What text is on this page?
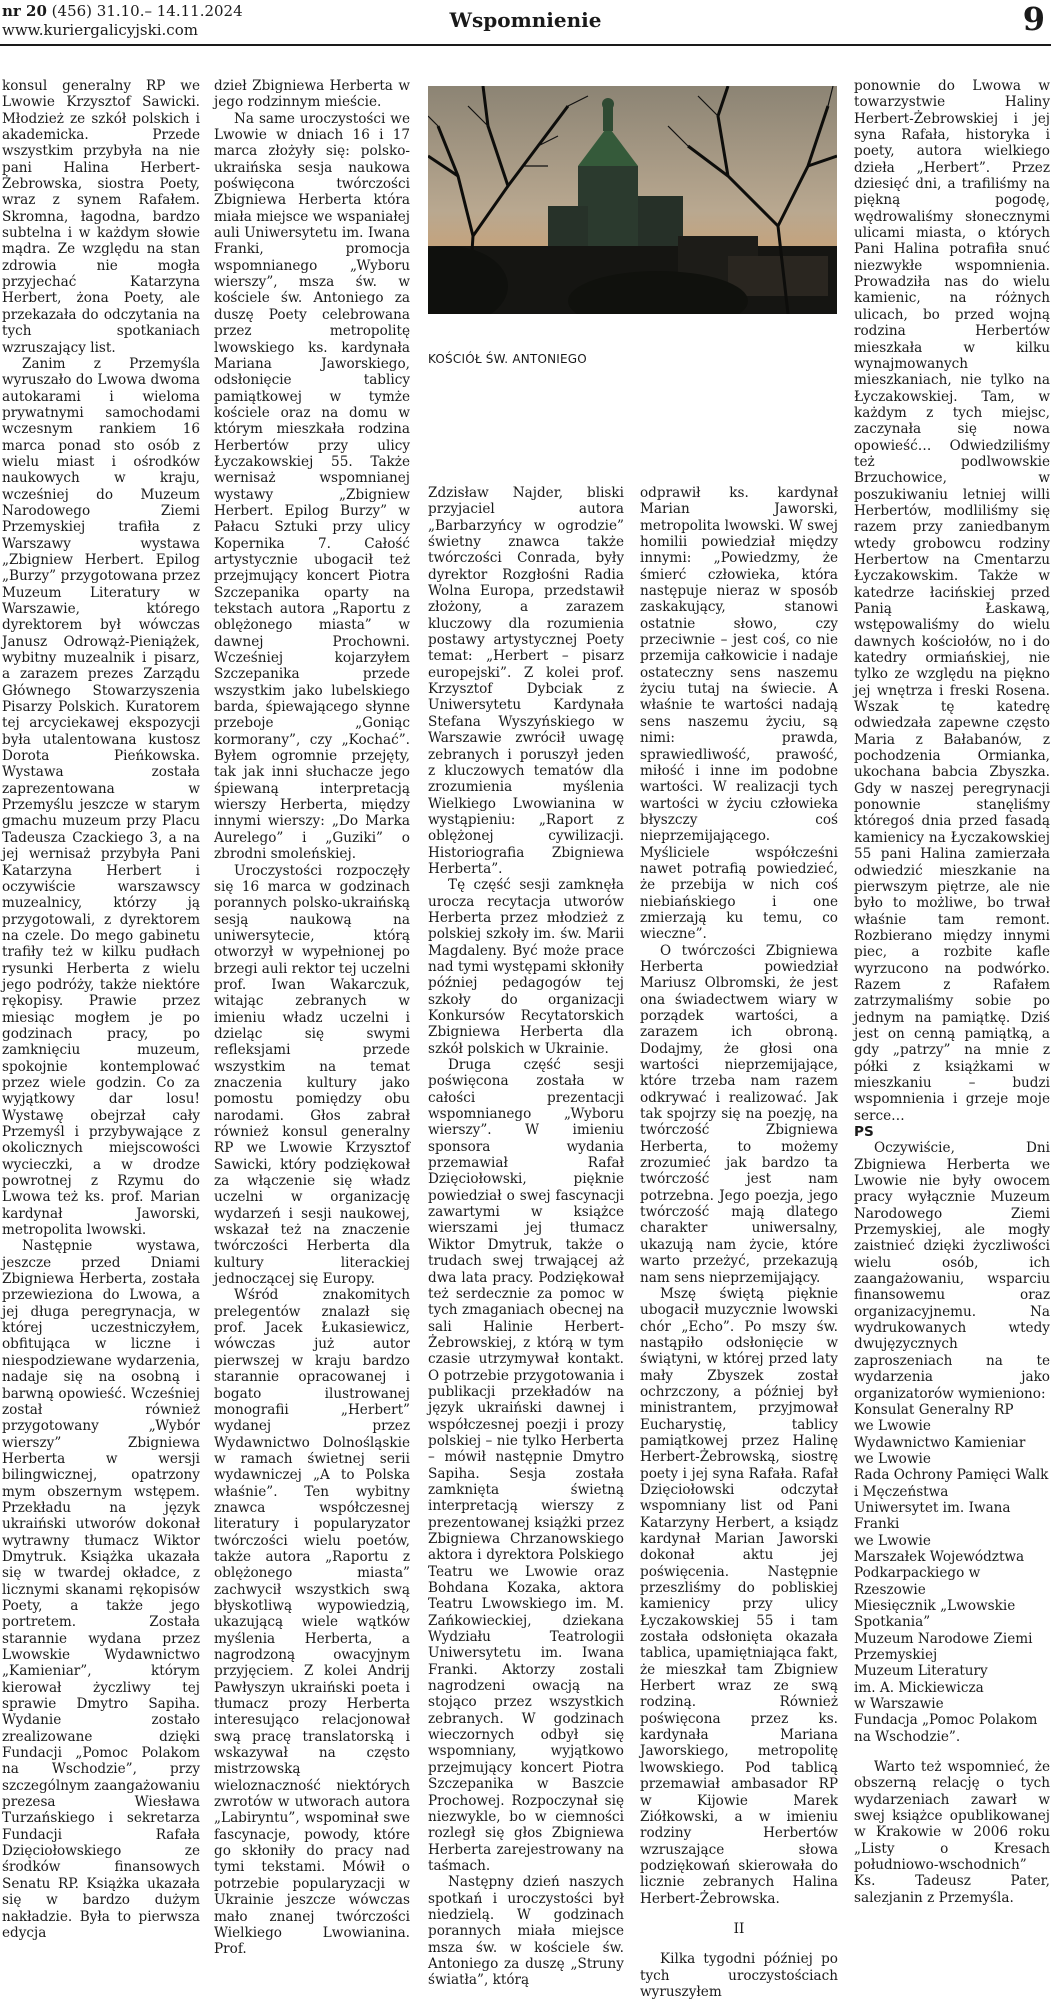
nr 20 (456) 31.10.– 14.11.2024
www.kuriergalicyjski.com	Wspomnienie	9

konsul generalny RP we Lwowie Krzysztof Sawicki. Młodzież ze szkół polskich i akademicka. Przede wszystkim przybyła na nie pani Halina Herbert-Żebrowska, siostra Poety, wraz z synem Rafałem. Skromna, łagodna, bardzo subtelna i w każdym słowie mądra. Ze względu na stan zdrowia nie mogła przyjechać Katarzyna Herbert, żona Poety, ale przekazała do odczytania na tych spotkaniach wzruszający list.

Zanim z Przemyśla wyruszało do Lwowa dwoma autokarami i wieloma prywatnymi samochodami wczesnym rankiem 16 marca ponad sto osób z wielu miast i ośrodków naukowych w kraju, wcześniej do Muzeum Narodowego Ziemi Przemyskiej trafiła z Warszawy wystawa „Zbigniew Herbert. Epilog „Burzy” przygotowana przez Muzeum Literatury w Warszawie, którego dyrektorem był wówczas Janusz Odrowąż-Pieniążek, wybitny muzealnik i pisarz, a zarazem prezes Zarządu Głównego Stowarzyszenia Pisarzy Polskich. Kuratorem tej arcyciekawej ekspozycji była utalentowana kustosz Dorota Pieńkowska. Wystawa została zaprezentowana w Przemyślu jeszcze w starym gmachu muzeum przy Placu Tadeusza Czackiego 3, a na jej wernisaż przybyła Pani Katarzyna Herbert i oczywiście warszawscy muzealnicy, którzy ją przygotowali, z dyrektorem na czele. Do mego gabinetu trafiły też w kilku pudłach rysunki Herberta z wielu jego podróży, także niektóre rękopisy. Prawie przez miesiąc mogłem je po godzinach pracy, po zamknięciu muzeum, spokojnie kontemplować przez wiele godzin. Co za wyjątkowy dar losu! Wystawę obejrzał cały Przemyśl i przybywające z okolicznych miejscowości wycieczki, a w drodze powrotnej z Rzymu do Lwowa też ks. prof. Marian kardynał Jaworski, metropolita lwowski.

Następnie wystawa, jeszcze przed Dniami Zbigniewa Herberta, została przewieziona do Lwowa, a jej długa peregrynacja, w której uczestniczyłem, obfitująca w liczne i niespodziewane wydarzenia, nadaje się na osobną i barwną opowieść. Wcześniej został również przygotowany „Wybór wierszy” Zbigniewa Herberta w wersji bilingwicznej, opatrzony mym obszernym wstępem. Przekładu na język ukraiński utworów dokonał wytrawny tłumacz Wiktor Dmytruk. Książka ukazała się w twardej okładce, z licznymi skanami rękopisów Poety, a także jego portretem. Została starannie wydana przez Lwowskie Wydawnictwo „Kamieniar”, którym kierował życzliwy tej sprawie Dmytro Sapiha. Wydanie zostało zrealizowane dzięki Fundacji „Pomoc Polakom na Wschodzie”, przy szczególnym zaangażowaniu prezesa Wiesława Turzańskiego i sekretarza Fundacji Rafała Dzięciołowskiego ze środków finansowych Senatu RP. Książka ukazała się w bardzo dużym nakładzie. Była to pierwsza edycja

dzieł Zbigniewa Herberta w jego rodzinnym mieście.

Na same uroczystości we Lwowie w dniach 16 i 17 marca złożyły się: polsko-ukraińska sesja naukowa poświęcona twórczości Zbigniewa Herberta która miała miejsce we wspaniałej auli Uniwersytetu im. Iwana Franki, promocja wspomnianego „Wyboru wierszy”, msza św. w kościele św. Antoniego za duszę Poety celebrowana przez metropolitę lwowskiego ks. kardynała Mariana Jaworskiego, odsłonięcie tablicy pamiątkowej w tymże kościele oraz na domu w którym mieszkała rodzina Herbertów przy ulicy Łyczakowskiej 55. Także wernisaż wspomnianej wystawy „Zbigniew Herbert. Epilog Burzy” w Pałacu Sztuki przy ulicy Kopernika 7. Całość artystycznie ubogacił też przejmujący koncert Piotra Szczepanika oparty na tekstach autora „Raportu z oblężonego miasta” w dawnej Prochowni. Wcześniej kojarzyłem Szczepanika przede wszystkim jako lubelskiego barda, śpiewającego słynne przeboje „Goniąc kormorany”, czy „Kochać”. Byłem ogromnie przejęty, tak jak inni słuchacze jego śpiewaną interpretacją wierszy Herberta, między innymi wierszy: „Do Marka Aurelego” i „Guziki” o zbrodni smoleńskiej.

Uroczystości rozpoczęły się 16 marca w godzinach porannych polsko-ukraińską sesją naukową na uniwersytecie, którą otworzył w wypełnionej po brzegi auli rektor tej uczelni prof. Iwan Wakarczuk, witając zebranych w imieniu władz uczelni i dzieląc się swymi refleksjami przede wszystkim na temat znaczenia kultury jako pomostu pomiędzy obu narodami. Głos zabrał również konsul generalny RP we Lwowie Krzysztof Sawicki, który podziękował za włączenie się władz uczelni w organizację wydarzeń i sesji naukowej, wskazał też na znaczenie twórczości Herberta dla kultury literackiej jednoczącej się Europy.

Wśród znakomitych prelegentów znalazł się prof. Jacek Łukasiewicz, wówczas już autor pierwszej w kraju bardzo starannie opracowanej i bogato ilustrowanej monografii „Herbert” wydanej przez Wydawnictwo Dolnośląskie w ramach świetnej serii wydawniczej „A to Polska właśnie”. Ten wybitny znawca współczesnej literatury i popularyzator twórczości wielu poetów, także autora „Raportu z oblężonego miasta” zachwycił wszystkich swą błyskotliwą wypowiedzią, ukazującą wiele wątków myślenia Herberta, a nagrodzoną owacyjnym przyjęciem. Z kolei Andrij Pawłyszyn ukraiński poeta i tłumacz prozy Herberta interesująco relacjonował swą pracę translatorską i wskazywał na często mistrzowską wieloznaczność niektórych zwrotów w utworach autora „Labiryntu”, wspominał swe fascynacje, powody, które go skłoniły do pracy nad tymi tekstami. Mówił o potrzebie popularyzacji w Ukrainie jeszcze wówczas mało znanej twórczości Wielkiego Lwowianina. Prof.

KOŚCIÓŁ ŚW. ANTONIEGO

Zdzisław Najder, bliski przyjaciel autora „Barbarzyńcy w ogrodzie” świetny znawca także twórczości Conrada, były dyrektor Rozgłośni Radia Wolna Europa, przedstawił złożony, a zarazem kluczowy dla rozumienia postawy artystycznej Poety temat: „Herbert – pisarz europejski”. Z kolei prof. Krzysztof Dybciak z Uniwersytetu Kardynała Stefana Wyszyńskiego w Warszawie zwrócił uwagę zebranych i poruszył jeden z kluczowych tematów dla zrozumienia myślenia Wielkiego Lwowianina w wystąpieniu: „Raport z oblężonej cywilizacji. Historiografia Zbigniewa Herberta”.

Tę część sesji zamknęła urocza recytacja utworów Herberta przez młodzież z polskiej szkoły im. św. Marii Magdaleny. Być może prace nad tymi występami skłoniły później pedagogów tej szkoły do organizacji Konkursów Recytatorskich Zbigniewa Herberta dla szkół polskich w Ukrainie.

Druga część sesji poświęcona została w całości prezentacji wspomnianego „Wyboru wierszy”. W imieniu sponsora wydania przemawiał Rafał Dzięciołowski, pięknie powiedział o swej fascynacji zawartymi w książce wierszami jej tłumacz Wiktor Dmytruk, także o trudach swej trwającej aż dwa lata pracy. Podziękował też serdecznie za pomoc w tych zmaganiach obecnej na sali Halinie Herbert-Żebrowskiej, z którą w tym czasie utrzymywał kontakt. O potrzebie przygotowania i publikacji przekładów na język ukraiński dawnej i współczesnej poezji i prozy polskiej – nie tylko Herberta – mówił następnie Dmytro Sapiha. Sesja została zamknięta świetną interpretacją wierszy z prezentowanej książki przez Zbigniewa Chrzanowskiego aktora i dyrektora Polskiego Teatru we Lwowie oraz Bohdana Kozaka, aktora Teatru Lwowskiego im. M. Zańkowieckiej, dziekana Wydziału Teatrologii Uniwersytetu im. Iwana Franki. Aktorzy zostali nagrodzeni owacją na stojąco przez wszystkich zebranych. W godzinach wieczornych odbył się wspomniany, wyjątkowo przejmujący koncert Piotra Szczepanika w Baszcie Prochowej. Rozpoczynał się niezwykle, bo w ciemności rozległ się głos Zbigniewa Herberta zarejestrowany na taśmach.

Następny dzień naszych spotkań i uroczystości był niedzielą. W godzinach porannych miała miejsce msza św. w kościele św. Antoniego za duszę „Struny światła”, którą

odprawił ks. kardynał Marian Jaworski, metropolita lwowski. W swej homilii powiedział między innymi: „Powiedzmy, że śmierć człowieka, która następuje nieraz w sposób zaskakujący, stanowi ostatnie słowo, czy przeciwnie – jest coś, co nie przemija całkowicie i nadaje ostateczny sens naszemu życiu tutaj na świecie. A właśnie te wartości nadają sens naszemu życiu, są nimi: prawda, sprawiedliwość, prawość, miłość i inne im podobne wartości. W realizacji tych wartości w życiu człowieka błyszczy coś nieprzemijającego. Myśliciele współcześni nawet potrafią powiedzieć, że przebija w nich coś niebiańskiego i one zmierzają ku temu, co wieczne”.

O twórczości Zbigniewa Herberta powiedział Mariusz Olbromski, że jest ona świadectwem wiary w porządek wartości, a zarazem ich obroną. Dodajmy, że głosi ona wartości nieprzemijające, które trzeba nam razem odkrywać i realizować. Jak tak spojrzy się na poezję, na twórczość Zbigniewa Herberta, to możemy zrozumieć jak bardzo ta twórczość jest nam potrzebna. Jego poezja, jego twórczość mają dlatego charakter uniwersalny, ukazują nam życie, które warto przeżyć, przekazują nam sens nieprzemijający.

Mszę świętą pięknie ubogacił muzycznie lwowski chór „Echo”. Po mszy św. nastąpiło odsłonięcie w świątyni, w której przed laty mały Zbyszek został ochrzczony, a później był ministrantem, przyjmował Eucharystię, tablicy pamiątkowej przez Halinę Herbert-Żebrowską, siostrę poety i jej syna Rafała. Rafał Dzięciołowski odczytał wspomniany list od Pani Katarzyny Herbert, a ksiądz kardynał Marian Jaworski dokonał aktu jej poświęcenia. Następnie przeszliśmy do pobliskiej kamienicy przy ulicy Łyczakowskiej 55 i tam została odsłonięta okazała tablica, upamiętniająca fakt, że mieszkał tam Zbigniew Herbert wraz ze swą rodziną. Również poświęcona przez ks. kardynała Mariana Jaworskiego, metropolitę lwowskiego. Pod tablicą przemawiał ambasador RP w Kijowie Marek Ziółkowski, a w imieniu rodziny Herbertów wzruszające słowa podziękowań skierowała do licznie zebranych Halina Herbert-Żebrowska.

II

Kilka tygodni później po tych uroczystościach wyruszyłem

ponownie do Lwowa w towarzystwie Haliny Herbert-Żebrowskiej i jej syna Rafała, historyka i poety, autora wielkiego dzieła „Herbert”. Przez dziesięć dni, a trafiliśmy na piękną pogodę, wędrowaliśmy słonecznymi ulicami miasta, o których Pani Halina potrafiła snuć niezwykłe wspomnienia. Prowadziła nas do wielu kamienic, na różnych ulicach, bo przed wojną rodzina Herbertów mieszkała w kilku wynajmowanych mieszkaniach, nie tylko na Łyczakowskiej. Tam, w każdym z tych miejsc, zaczynała się nowa opowieść… Odwiedziliśmy też podlwowskie Brzuchowice, w poszukiwaniu letniej willi Herbertów, modliliśmy się razem przy zaniedbanym wtedy grobowcu rodziny Herbertow na Cmentarzu Łyczakowskim. Także w katedrze łacińskiej przed Panią Łaskawą, wstępowaliśmy do wielu dawnych kościołów, no i do katedry ormiańskiej, nie tylko ze względu na piękno jej wnętrza i freski Rosena. Wszak tę katedrę odwiedzała zapewne często Maria z Bałabanów, z pochodzenia Ormianka, ukochana babcia Zbyszka. Gdy w naszej peregrynacji ponownie stanęliśmy któregoś dnia przed fasadą kamienicy na Łyczakowskiej 55 pani Halina zamierzała odwiedzić mieszkanie na pierwszym piętrze, ale nie było to możliwe, bo trwał właśnie tam remont. Rozbierano między innymi piec, a rozbite kafle wyrzucono na podwórko. Razem z Rafałem zatrzymaliśmy sobie po jednym na pamiątkę. Dziś jest on cenną pamiątką, a gdy „patrzy” na mnie z półki z książkami w mieszkaniu – budzi wspomnienia i grzeje moje serce…

PS

Oczywiście, Dni Zbigniewa Herberta we Lwowie nie były owocem pracy wyłącznie Muzeum Narodowego Ziemi Przemyskiej, ale mogły zaistnieć dzięki życzliwości wielu osób, ich zaangażowaniu, wsparciu finansowemu oraz organizacyjnemu. Na wydrukowanych wtedy dwujęzycznych zaproszeniach na te wydarzenia jako organizatorów wymieniono:

Konsulat Generalny RP
we Lwowie
Wydawnictwo Kamieniar
we Lwowie
Rada Ochrony Pamięci Walk
i Męczeństwa
Uniwersytet im. Iwana Franki
we Lwowie
Marszałek Województwa
Podkarpackiego w Rzeszowie
Miesięcznik „Lwowskie
Spotkania”
Muzeum Narodowe Ziemi
Przemyskiej
Muzeum Literatury
im. A. Mickiewicza
w Warszawie
Fundacja „Pomoc Polakom
na Wschodzie”.

Warto też wspomnieć, że obszerną relację o tych wydarzeniach zawarł w swej książce opublikowanej w Krakowie w 2006 roku „Listy o Kresach południowo-wschodnich” Ks. Tadeusz Pater, salezjanin z Przemyśla.
